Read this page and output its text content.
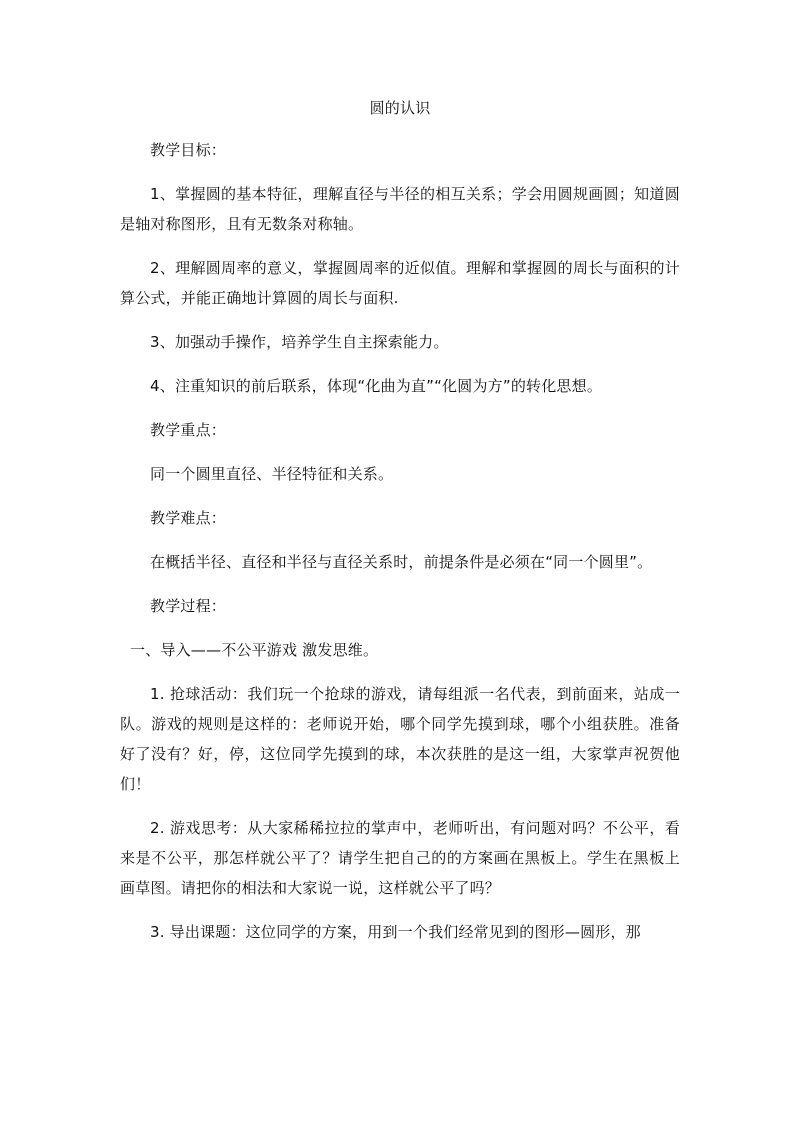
圆的认识
教学目标：
1、掌握圆的基本特征，理解直径与半径的相互关系；学会用圆规画圆；知道圆是轴对称图形，且有无数条对称轴。
2、理解圆周率的意义，掌握圆周率的近似值。理解和掌握圆的周长与面积的计算公式，并能正确地计算圆的周长与面积.
3、加强动手操作，培养学生自主探索能力。
4、注重知识的前后联系，体现“化曲为直”“化圆为方”的转化思想。
教学重点：
同一个圆里直径、半径特征和关系。
教学难点：
在概括半径、直径和半径与直径关系时，前提条件是必须在“同一个圆里”。
教学过程：
一、导入——不公平游戏 激发思维。
1. 抢球活动：我们玩一个抢球的游戏，请每组派一名代表，到前面来，站成一队。游戏的规则是这样的：老师说开始，哪个同学先摸到球，哪个小组获胜。准备好了没有？好，停，这位同学先摸到的球，本次获胜的是这一组，大家掌声祝贺他们！
2. 游戏思考：从大家稀稀拉拉的掌声中，老师听出，有问题对吗？不公平，看来是不公平，那怎样就公平了？请学生把自己的的方案画在黑板上。学生在黑板上画草图。请把你的相法和大家说一说，这样就公平了吗？
3. 导出课题：这位同学的方案，用到一个我们经常见到的图形—圆形，那
